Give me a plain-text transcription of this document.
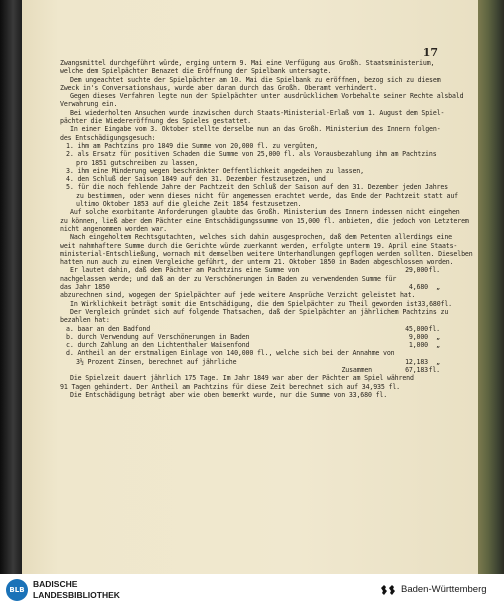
17
Zwangsmittel durchgeführt würde, erging unterm 9. Mai eine Verfügung aus Großh. Staatsministerium,
welche dem Spielpächter Benazet die Eröffnung der Spielbank untersagte.
Dem ungeachtet suchte der Spielpächter am 10. Mai die Spielbank zu eröffnen, bezog sich zu diesem
Zweck in's Conversationshaus, wurde aber daran durch das Großh. Oberamt verhindert.
Gegen dieses Verfahren legte nun der Spielpächter unter ausdrücklichem Vorbehalte seiner Rechte alsbald
Verwahrung ein.
Bei wiederholten Ansuchen wurde inzwischen durch Staats-Ministerial-Erlaß vom 1. August dem Spiel-
pächter die Wiedereröffnung des Spieles gestattet.
In einer Eingabe vom 3. Oktober stellte derselbe nun an das Großh. Ministerium des Innern folgen-
des Entschädigungsgesuch:
1. ihm am Pachtzins pro 1849 die Summe von 20,000 fl. zu vergüten,
2. als Ersatz für positiven Schaden die Summe von 25,000 fl. als Vorausbezahlung ihm am Pachtzins
pro 1851 gutschreiben zu lassen,
3. ihm eine Minderung wegen beschränkter Oeffentlichkeit angedeihen zu lassen,
4. den Schluß der Saison 1849 auf den 31. Dezember festzusetzen, und
5. für die noch fehlende Jahre der Pachtzeit den Schluß der Saison auf den 31. Dezember jeden Jahres
zu bestimmen, oder wenn dieses nicht für angemessen erachtet werde, das Ende der Pachtzeit statt auf
ultimo Oktober 1853 auf die gleiche Zeit 1854 festzusetzen.
Auf solche exorbitante Anforderungen glaubte das Großh. Ministerium des Innern indessen nicht eingehen
zu können, ließ aber dem Pächter eine Entschädigungssumme von 15,000 fl. anbieten, die jedoch von Letzterem
nicht angenommen worden war.
Nach eingeholtem Rechtsgutachten, welches sich dahin ausgesprochen, daß dem Petenten allerdings eine
weit nahmhaftere Summe durch die Gerichte würde zuerkannt werden, erfolgte unterm 19. April eine Staats-
ministerial-Entschließung, wornach mit demselben weitere Unterhandlungen gepflogen werden sollten. Dieselben
hatten nun auch zu einem Vergleiche geführt, der unterm 21. Oktober 1850 in Baden abgeschlossen worden.
Er lautet dahin, daß dem Pächter am Pachtzins eine Summe von	29,000 fl.
nachgelassen werde; und daß an der zu Verschönerungen in Baden zu verwendenden Summe für
das Jahr 1850	4,680	„
abzurechnen sind, wogegen der Spielpächter auf jede weitere Ansprüche Verzicht geleistet hat.
In Wirklichkeit beträgt somit die Entschädigung, die dem Spielpächter zu Theil geworden ist 33,680 fl.
Der Vergleich gründet sich auf folgende Thatsachen, daß der Spielpächter an jährlichem Pachtzins zu
bezahlen hat:
a. baar an den Badfond	45,000 fl.
b. durch Verwendung auf Verschönerungen in Baden	9,000	„
c. durch Zahlung an den Lichtenthaler Waisenfond	1,000	„
d. Antheil an der erstmaligen Einlage von 140,000 fl., welche sich bei der Annahme von
3½ Prozent Zinsen, berechnet auf jährliche	12,183	„
Zusammen	67,183 fl.
Die Spielzeit dauert jährlich 175 Tage. Im Jahr 1849 war aber der Pächter am Spiel während
91 Tagen gehindert. Der Antheil am Pachtzins für diese Zeit berechnet sich auf 34,935 fl.
Die Entschädigung beträgt aber wie oben bemerkt wurde, nur die Summe von 33,680 fl.
BLB
BADISCHE
LANDESBIBLIOTHEK	Baden-Württemberg
